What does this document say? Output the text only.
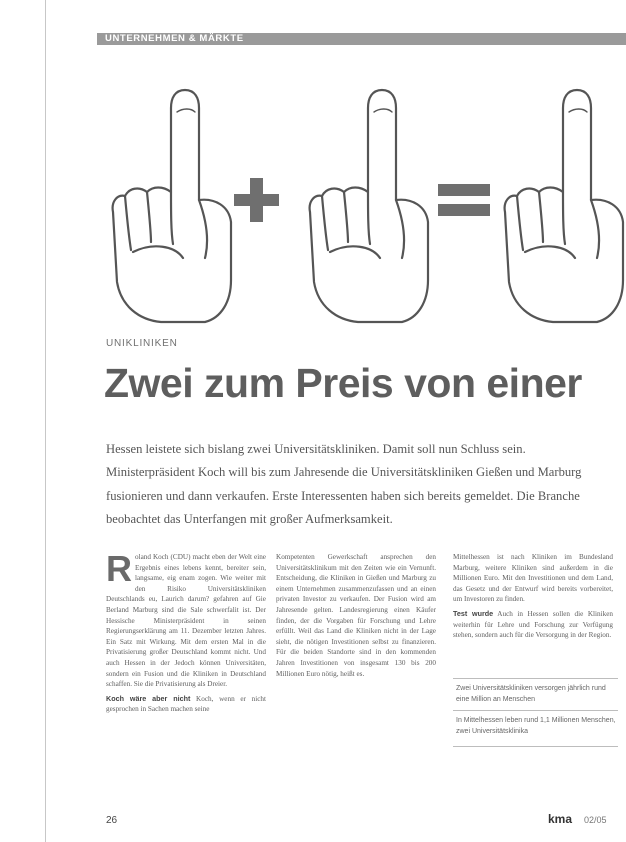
UNTERNEHMEN & MÄRKTE
UNIKLINIKEN
Zwei zum Preis von einer

Hessen leistete sich bislang zwei Universitätskliniken. Damit soll nun Schluss sein. Ministerpräsident Koch will bis zum Jahresende die Universitätskliniken Gießen und Marburg fusionieren und dann verkaufen. Erste Interessenten haben sich bereits gemeldet. Die Branche beobachtet das Unterfangen mit großer Aufmerksamkeit.

Roland Koch (CDU) macht eben der Welt eine Ergebnis eines lebens kennt, bereiter sein, langsame, eig enam zogen. Wie weiter mit den Risiko Universitätskliniken Deutschlands eu, Laurich darum? gefahren auf Gie Berland Marburg sind die Sale schwerfalit ist. Der Hessische Ministerpräsident in seinen Regierungserklärung am 11. Dezember letzten Jahres. Ein Satz mit Wirkung. Mit dem ersten Mal in die Privatisierung großer Deutschland kommt nicht. Und auch Hessen in der Jedoch können Universitäten, sondern ein Fusion und die Kliniken in Deutschland schaffen. Sie die Privatisierung als Dreier.

Koch wäre aber nicht Koch, wenn er nicht gesprochen in Sachen machen seine

Kompetenten Gewerkschaft ansprechen den Universitätsklinikum mit den Zeiten wie ein Vernunft. Entscheidung, die Kliniken in Gießen und Marburg zu einem Unternehmen zusammenzufassen und an einen privaten Investor zu verkaufen. Der Fusion wird am Jahresende gelten. Landesregierung einen Käufer finden, der die Vorgaben für Forschung und Lehre erfüllt. Weil das Land die Kliniken nicht in der Lage sieht, die nötigen Investitionen selbst zu finanzieren. Für die beiden Standorte sind in den kommenden Jahren Investitionen von insgesamt 130 bis 200 Millionen Euro nötig, heißt es.

Mittelhessen ist nach Kliniken im Bundesland Marburg, weitere Kliniken sind außerdem in die Millionen Euro. Mit den Investitionen und dem Land, das Gesetz und der Entwurf wird bereits vorbereitet, um Investoren zu finden.

Test wurde Auch in Hessen sollen die Kliniken weiterhin für Lehre und Forschung zur Verfügung stehen, sondern auch für die Versorgung in der Region.

Zwei Universitätskliniken versorgen jährlich rund eine Million an Menschen

In Mittelhessen leben rund 1,1 Millionen Menschen, zwei Universitätsklinika

26	kma 02/05
